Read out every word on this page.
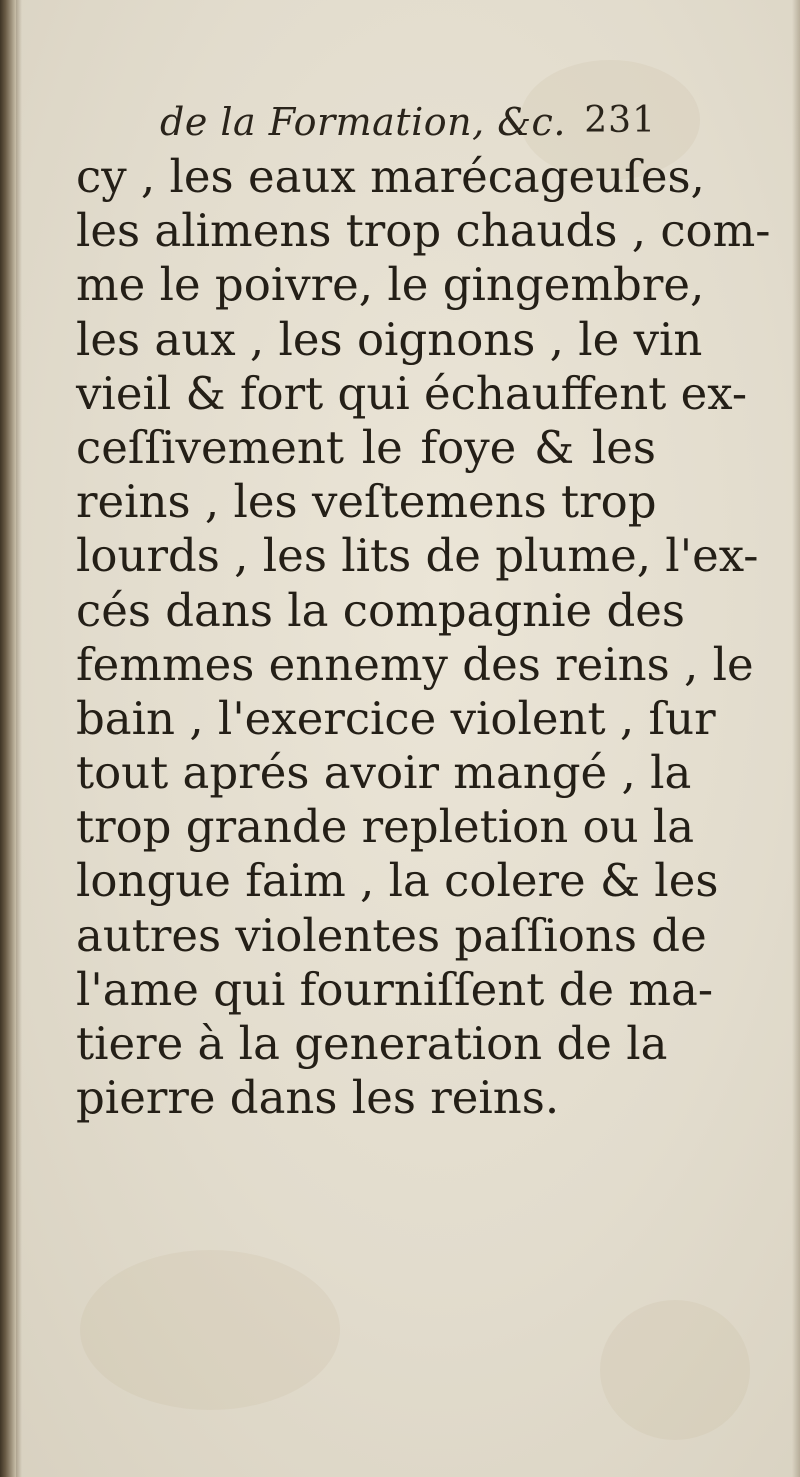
de la Formation, &c. 231
cy , les eaux marécageuſes,
les alimens trop chauds , com-
me le poivre, le gingembre,
les aux , les oignons , le vin
vieil & fort qui échauffent ex-
ceſſivement le foye & les
reins , les veſtemens trop
lourds , les lits de plume, l'ex-
cés dans la compagnie des
femmes ennemy des reins , le
bain , l'exercice violent , ſur
tout aprés avoir mangé , la
trop grande repletion ou la
longue faim , la colere & les
autres violentes paſſions de
l'ame qui fourniſſent de ma-
tiere à la generation de la
pierre dans les reins.
